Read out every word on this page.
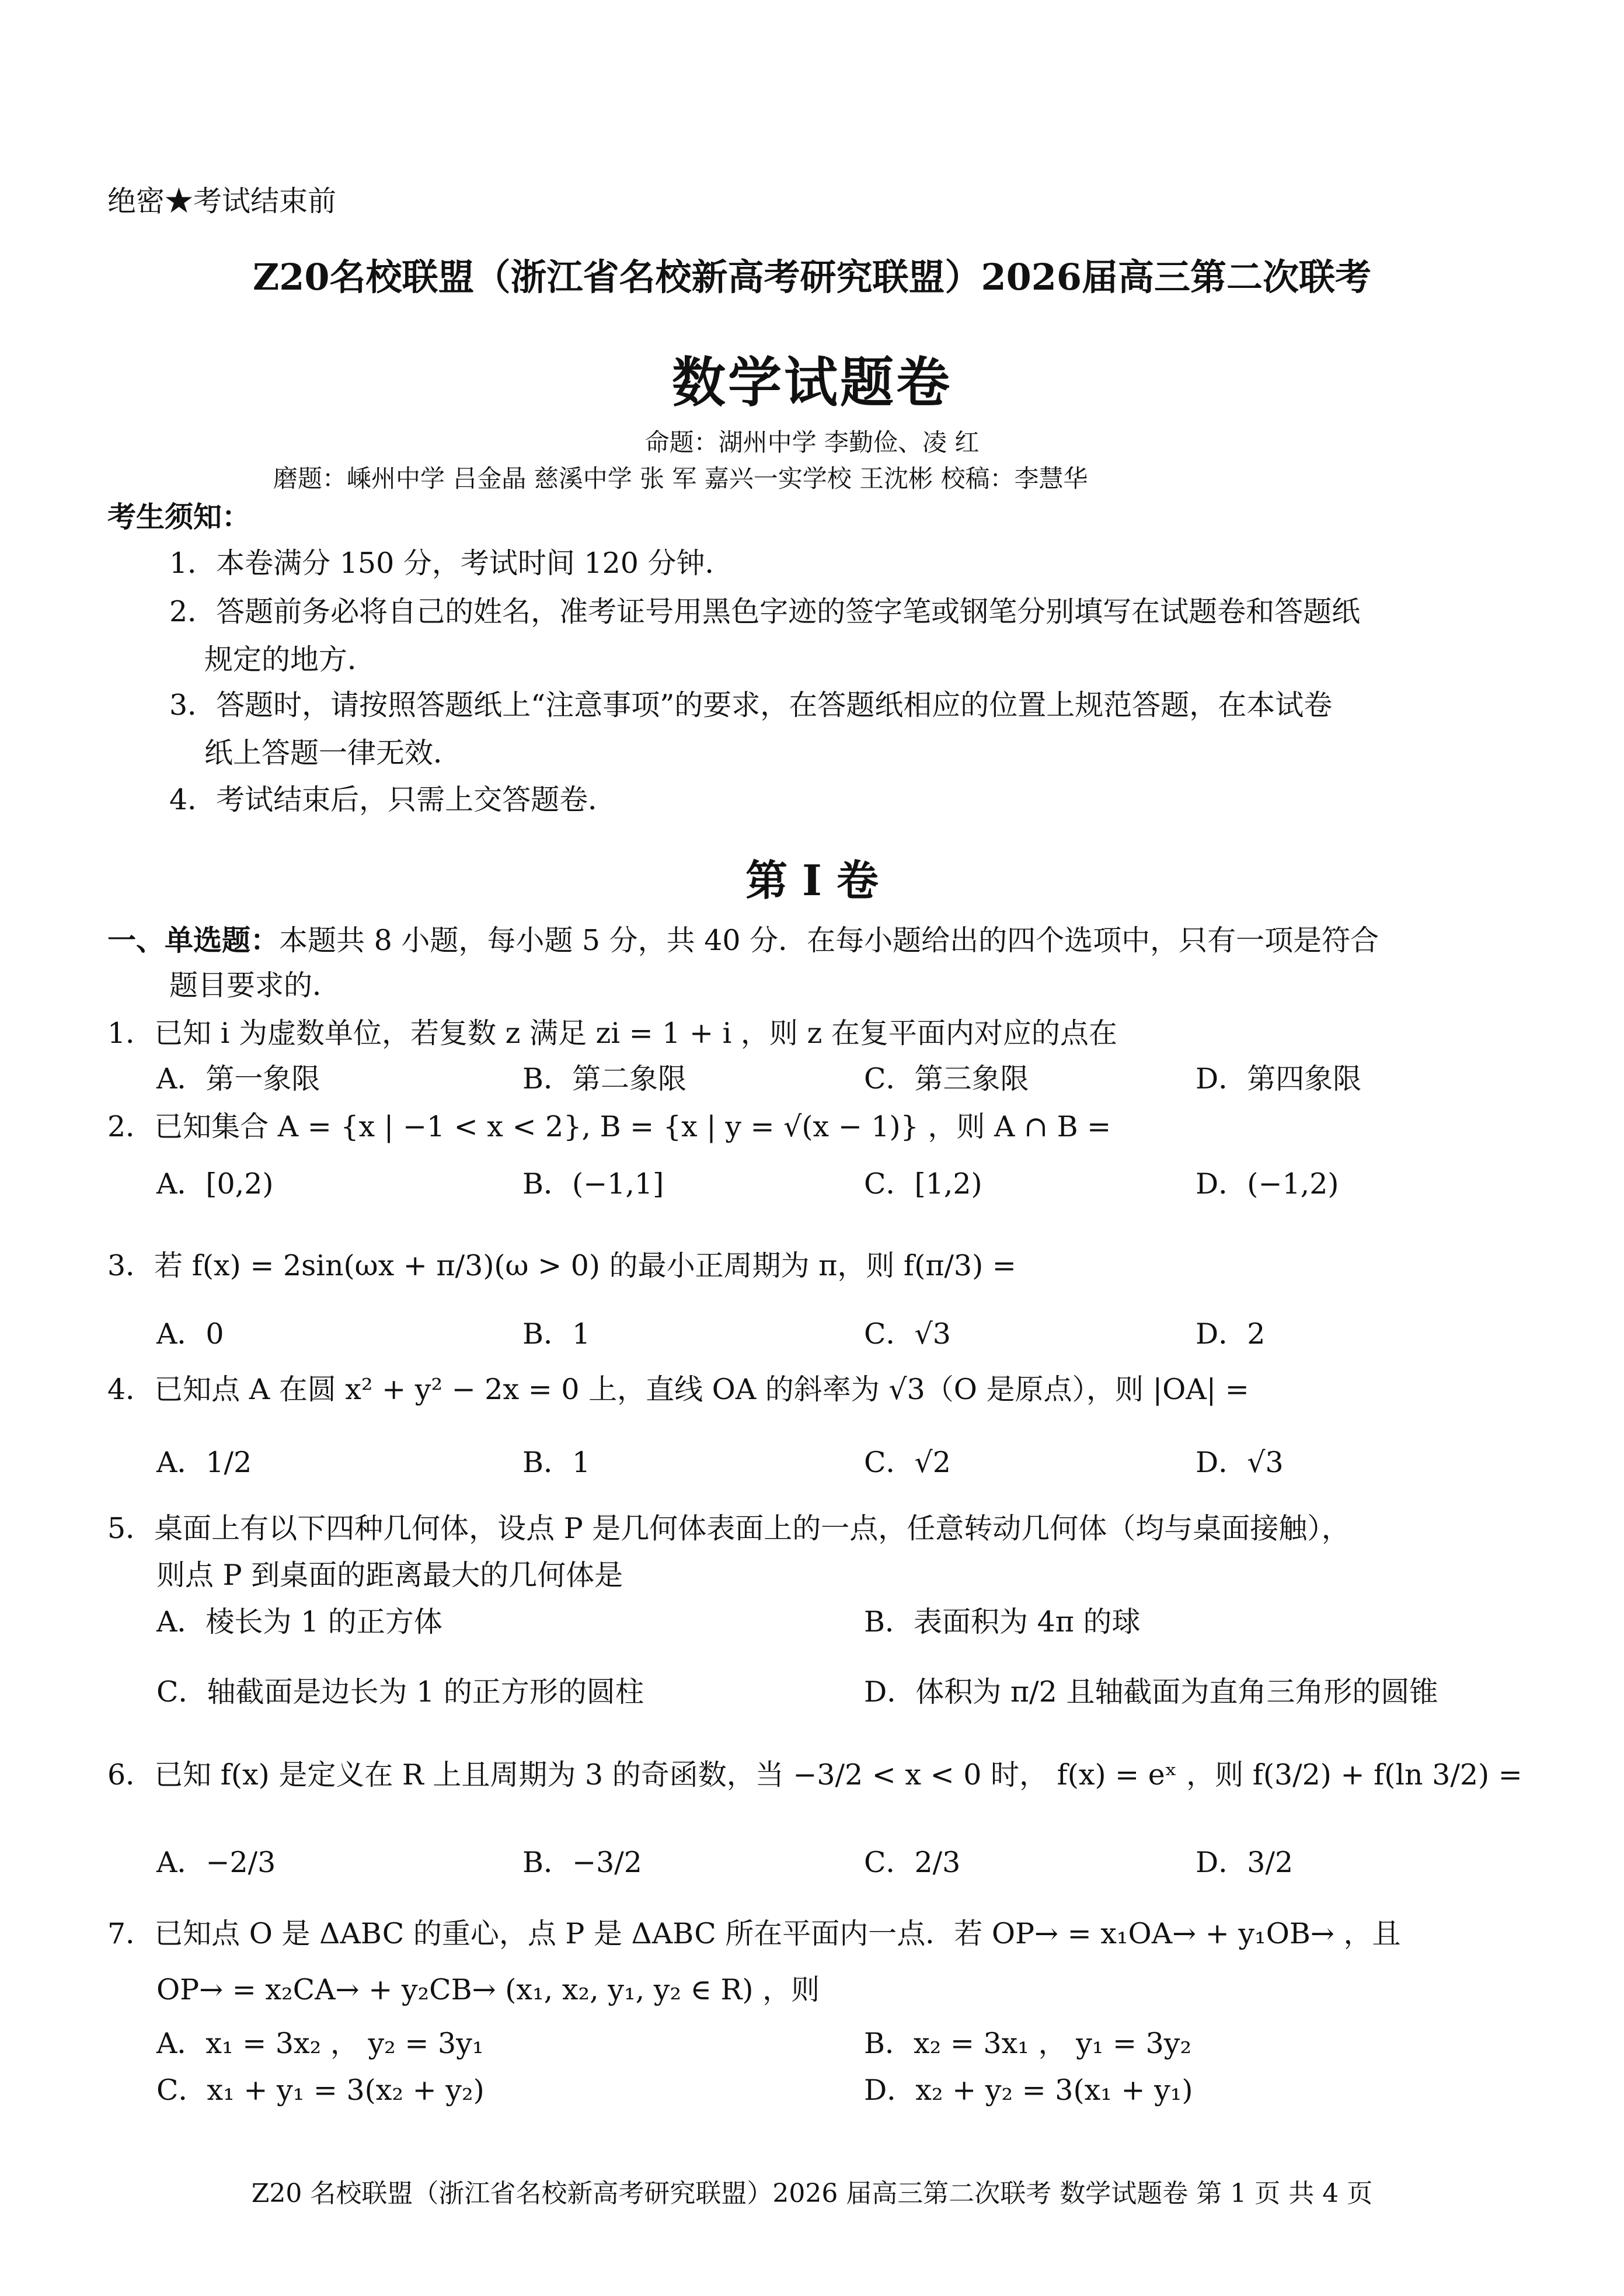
绝密★考试结束前
Z20名校联盟（浙江省名校新高考研究联盟）2026届高三第二次联考
数学试题卷
命题：湖州中学 李勤俭、凌 红
磨题：嵊州中学 吕金晶 慈溪中学 张 军 嘉兴一实学校 王沈彬 校稿：李慧华
考生须知：
1．本卷满分 150 分，考试时间 120 分钟．
2．答题前务必将自己的姓名，准考证号用黑色字迹的签字笔或钢笔分别填写在试题卷和答题纸
规定的地方．
3．答题时，请按照答题纸上“注意事项”的要求，在答题纸相应的位置上规范答题，在本试卷
纸上答题一律无效．
4．考试结束后，只需上交答题卷．
第 I 卷
一、单选题：本题共 8 小题，每小题 5 分，共 40 分．在每小题给出的四个选项中，只有一项是符合
题目要求的．
1．已知 i 为虚数单位，若复数 z 满足 zi = 1 + i ，则 z 在复平面内对应的点在
A．第一象限	B．第二象限	C．第三象限	D．第四象限
2．已知集合 A = {x | −1 < x < 2}, B = {x | y = √(x − 1)} ，则 A ∩ B =
A．[0,2)	B．(−1,1]	C．[1,2)	D．(−1,2)
3．若 f(x) = 2sin(ωx + π/3)(ω > 0) 的最小正周期为 π，则 f(π/3) =
A．0	B．1	C．√3	D．2
4．已知点 A 在圆 x² + y² − 2x = 0 上，直线 OA 的斜率为 √3（O 是原点），则 |OA| =
A．1/2	B．1	C．√2	D．√3
5．桌面上有以下四种几何体，设点 P 是几何体表面上的一点，任意转动几何体（均与桌面接触），
则点 P 到桌面的距离最大的几何体是
A．棱长为 1 的正方体	B．表面积为 4π 的球
C．轴截面是边长为 1 的正方形的圆柱	D．体积为 π/2 且轴截面为直角三角形的圆锥
6．已知 f(x) 是定义在 R 上且周期为 3 的奇函数，当 −3/2 < x < 0 时， f(x) = eˣ ，则 f(3/2) + f(ln 3/2) =
A．−2/3	B．−3/2	C．2/3	D．3/2
7．已知点 O 是 ΔABC 的重心，点 P 是 ΔABC 所在平面内一点．若 OP→ = x₁OA→ + y₁OB→ ，且
OP→ = x₂CA→ + y₂CB→ (x₁, x₂, y₁, y₂ ∈ R) ，则
A．x₁ = 3x₂ ， y₂ = 3y₁	B．x₂ = 3x₁ ， y₁ = 3y₂
C．x₁ + y₁ = 3(x₂ + y₂)	D．x₂ + y₂ = 3(x₁ + y₁)
Z20 名校联盟（浙江省名校新高考研究联盟）2026 届高三第二次联考 数学试题卷 第 1 页 共 4 页
